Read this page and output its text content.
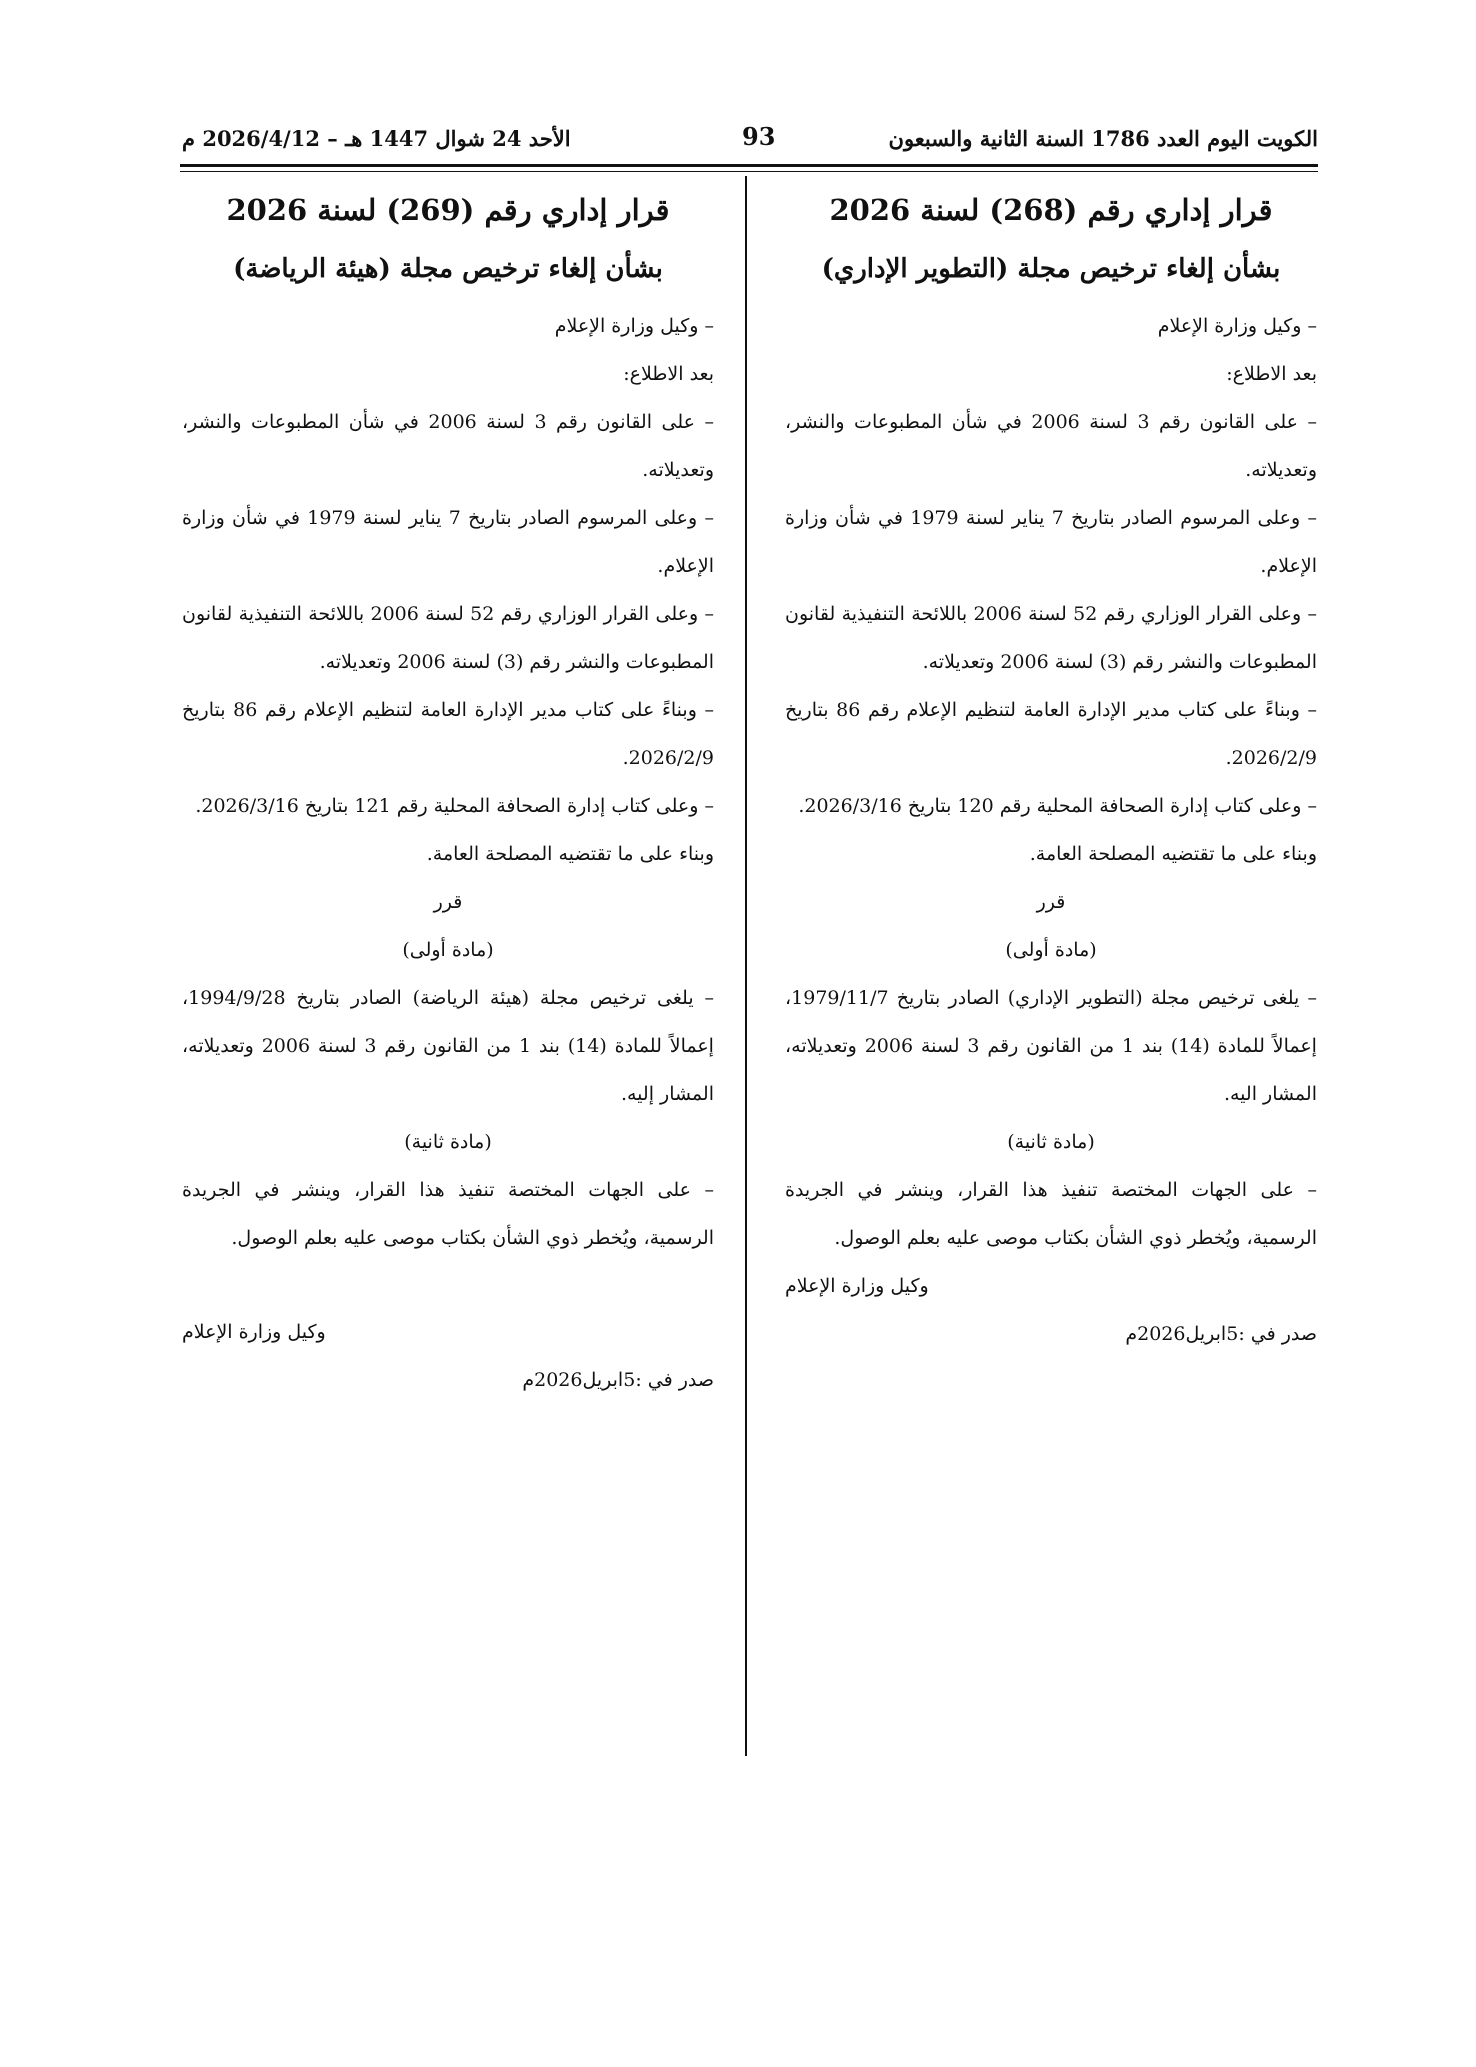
الكويت اليوم العدد 1786 السنة الثانية والسبعون
93
الأحد 24 شوال 1447 هـ – 2026/4/12 م
قرار إداري رقم (268) لسنة 2026
بشأن إلغاء ترخيص مجلة (التطوير الإداري)

– وكيل وزارة الإعلام

بعد الاطلاع:

– على القانون رقم 3 لسنة 2006 في شأن المطبوعات والنشر، وتعديلاته.

– وعلى المرسوم الصادر بتاريخ 7 يناير لسنة 1979 في شأن وزارة الإعلام.

– وعلى القرار الوزاري رقم 52 لسنة 2006 باللائحة التنفيذية لقانون المطبوعات والنشر رقم (3) لسنة 2006 وتعديلاته.

– وبناءً على كتاب مدير الإدارة العامة لتنظيم الإعلام رقم 86 بتاريخ 2026/2/9.

– وعلى كتاب إدارة الصحافة المحلية رقم 120 بتاريخ 2026/3/16.

وبناء على ما تقتضيه المصلحة العامة.

قرر

(مادة أولى)

– يلغى ترخيص مجلة (التطوير الإداري) الصادر بتاريخ 1979/11/7، إعمالاً للمادة (14) بند 1 من القانون رقم 3 لسنة 2006 وتعديلاته، المشار اليه.

(مادة ثانية)

– على الجهات المختصة تنفيذ هذا القرار، وينشر في الجريدة الرسمية، ويُخطر ذوي الشأن بكتاب موصى عليه بعلم الوصول.

وكيل وزارة الإعلام

صدر في :5ابريل2026م

قرار إداري رقم (269) لسنة 2026
بشأن إلغاء ترخيص مجلة (هيئة الرياضة)

– وكيل وزارة الإعلام

بعد الاطلاع:

– على القانون رقم 3 لسنة 2006 في شأن المطبوعات والنشر، وتعديلاته.

– وعلى المرسوم الصادر بتاريخ 7 يناير لسنة 1979 في شأن وزارة الإعلام.

– وعلى القرار الوزاري رقم 52 لسنة 2006 باللائحة التنفيذية لقانون المطبوعات والنشر رقم (3) لسنة 2006 وتعديلاته.

– وبناءً على كتاب مدير الإدارة العامة لتنظيم الإعلام رقم 86 بتاريخ 2026/2/9.

– وعلى كتاب إدارة الصحافة المحلية رقم 121 بتاريخ 2026/3/16.

وبناء على ما تقتضيه المصلحة العامة.

قرر

(مادة أولى)

– يلغى ترخيص مجلة (هيئة الرياضة) الصادر بتاريخ 1994/9/28، إعمالاً للمادة (14) بند 1 من القانون رقم 3 لسنة 2006 وتعديلاته، المشار إليه.

(مادة ثانية)

– على الجهات المختصة تنفيذ هذا القرار، وينشر في الجريدة الرسمية، ويُخطر ذوي الشأن بكتاب موصى عليه بعلم الوصول.

وكيل وزارة الإعلام

صدر في :5ابريل2026م
